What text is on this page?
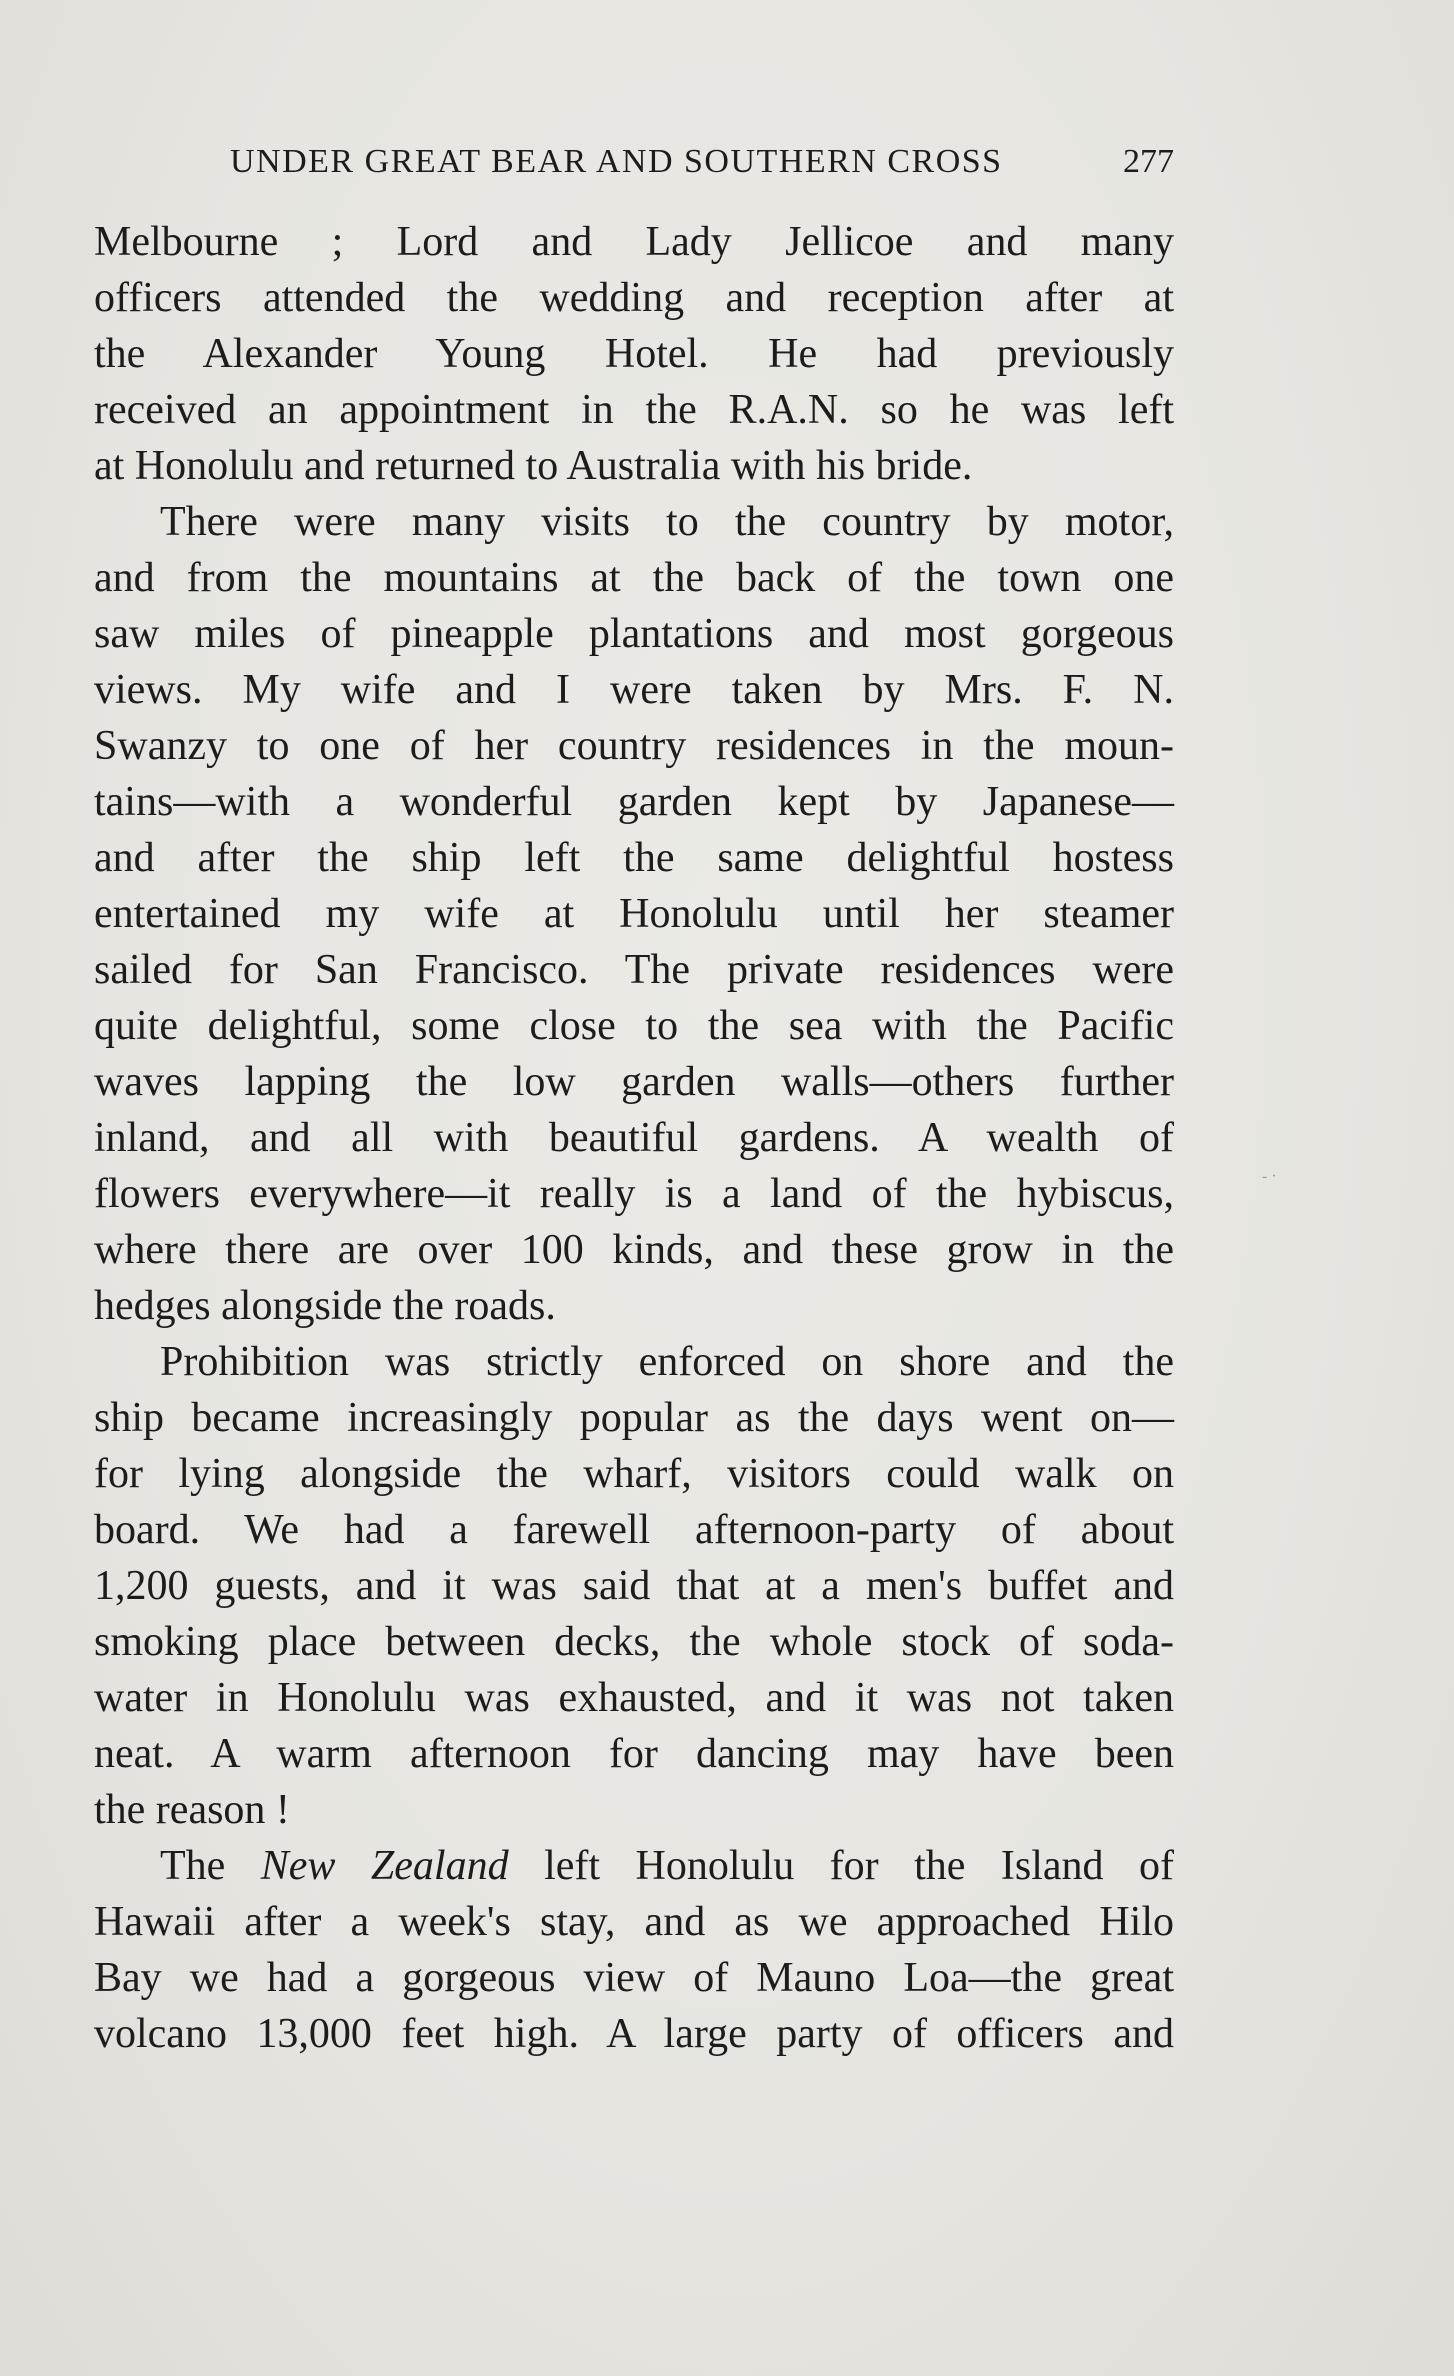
UNDER GREAT BEAR AND SOUTHERN CROSS	277
Melbourne ; Lord and Lady Jellicoe and many
officers attended the wedding and reception after at
the Alexander Young Hotel. He had previously
received an appointment in the R.A.N. so he was left
at Honolulu and returned to Australia with his bride.
There were many visits to the country by motor,
and from the mountains at the back of the town one
saw miles of pineapple plantations and most gorgeous
views. My wife and I were taken by Mrs. F. N.
Swanzy to one of her country residences in the moun-
tains—with a wonderful garden kept by Japanese—
and after the ship left the same delightful hostess
entertained my wife at Honolulu until her steamer
sailed for San Francisco. The private residences were
quite delightful, some close to the sea with the Pacific
waves lapping the low garden walls—others further
inland, and all with beautiful gardens. A wealth of
flowers everywhere—it really is a land of the hybiscus,
where there are over 100 kinds, and these grow in the
hedges alongside the roads.
Prohibition was strictly enforced on shore and the
ship became increasingly popular as the days went on—
for lying alongside the wharf, visitors could walk on
board. We had a farewell afternoon-party of about
1,200 guests, and it was said that at a men's buffet and
smoking place between decks, the whole stock of soda-
water in Honolulu was exhausted, and it was not taken
neat. A warm afternoon for dancing may have been
the reason !
The New Zealand left Honolulu for the Island of
Hawaii after a week's stay, and as we approached Hilo
Bay we had a gorgeous view of Mauno Loa—the great
volcano 13,000 feet high. A large party of officers and
‐ ·
